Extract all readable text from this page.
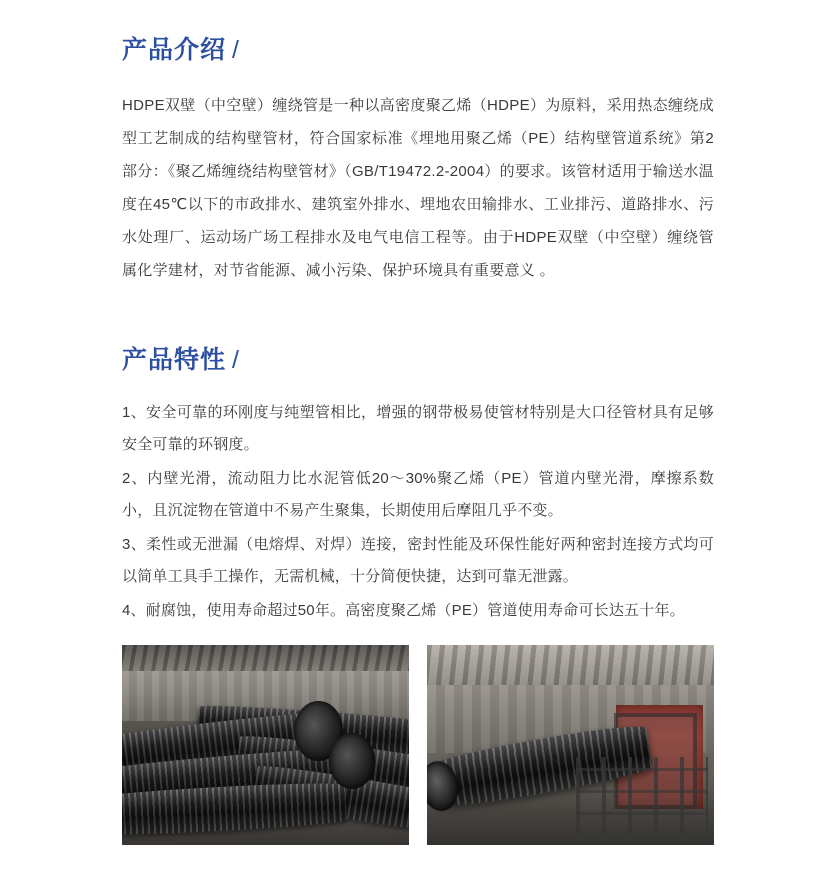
产品介绍 /

HDPE双壁（中空壁）缠绕管是一种以高密度聚乙烯（HDPE）为原料，采用热态缠绕成型工艺制成的结构壁管材，符合国家标准《埋地用聚乙烯（PE）结构壁管道系统》第2部分：《聚乙烯缠绕结构壁管材》（GB/T19472.2-2004）的要求。该管材适用于输送水温度在45℃以下的市政排水、建筑室外排水、埋地农田输排水、工业排污、道路排水、污水处理厂、运动场广场工程排水及电气电信工程等。由于HDPE双壁（中空壁）缠绕管属化学建材，对节省能源、减小污染、保护环境具有重要意义 。

产品特性 /

1、安全可靠的环刚度与纯塑管相比，增强的钢带极易使管材特别是大口径管材具有足够安全可靠的环钢度。

2、内壁光滑，流动阻力比水泥管低20～30%聚乙烯（PE）管道内壁光滑，摩擦系数小，且沉淀物在管道中不易产生聚集，长期使用后摩阻几乎不变。

3、柔性或无泄漏（电熔焊、对焊）连接，密封性能及环保性能好两种密封连接方式均可以简单工具手工操作，无需机械，十分简便快捷，达到可靠无泄露。

4、耐腐蚀，使用寿命超过50年。高密度聚乙烯（PE）管道使用寿命可长达五十年。
